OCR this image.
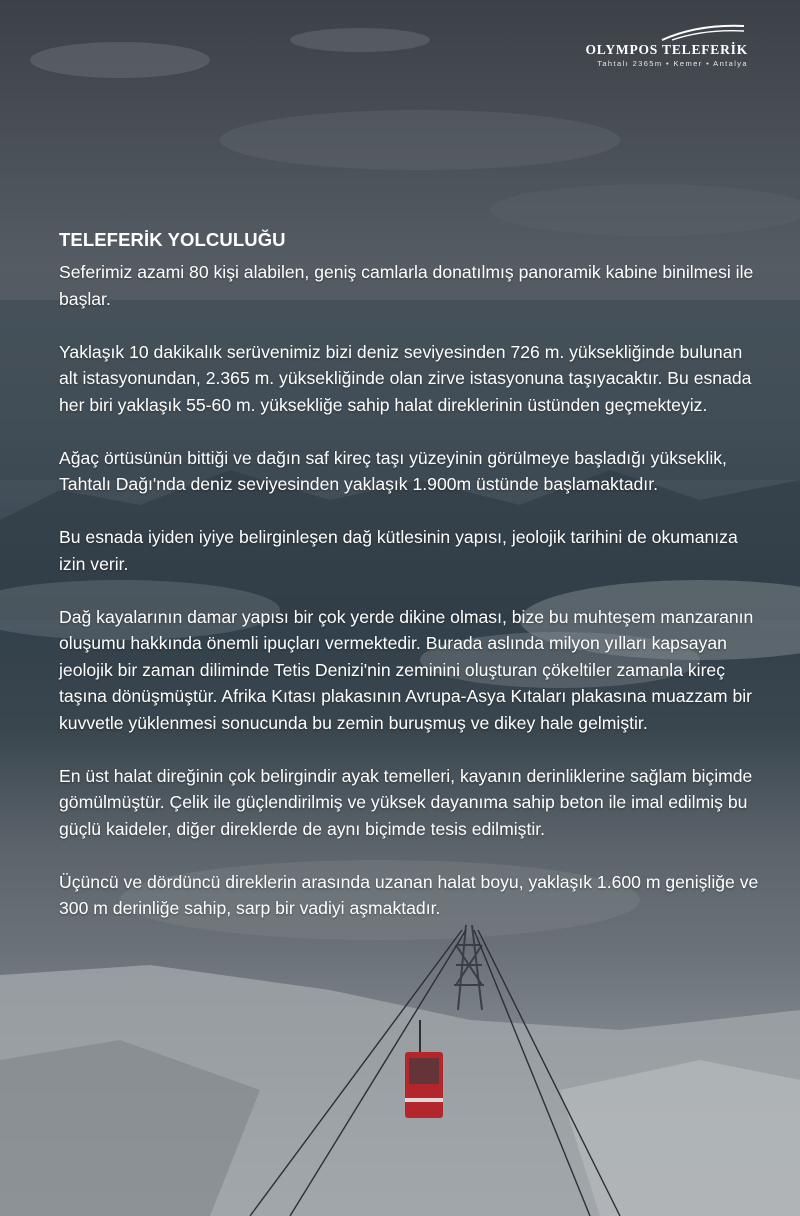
OLYMPOS TELEFERİK
Tahtalı 2365m • Kemer • Antalya
TELEFERİK YOLCULUĞU

Seferimiz azami 80 kişi alabilen, geniş camlarla donatılmış panoramik kabine binilmesi ile başlar.

Yaklaşık 10 dakikalık serüvenimiz bizi deniz seviyesinden 726 m. yüksekliğinde bulunan alt istasyonundan, 2.365 m. yüksekliğinde olan zirve istasyonuna taşıyacaktır. Bu esnada her biri yaklaşık 55-60 m. yüksekliğe sahip halat direklerinin üstünden geçmekteyiz.

Ağaç örtüsünün bittiği ve dağın saf kireç taşı yüzeyinin görülmeye başladığı yükseklik, Tahtalı Dağı'nda deniz seviyesinden yaklaşık 1.900m üstünde başlamaktadır.

Bu esnada iyiden iyiye belirginleşen dağ kütlesinin yapısı, jeolojik tarihini de okumanıza izin verir.

Dağ kayalarının damar yapısı bir çok yerde dikine olması, bize bu muhteşem manzaranın oluşumu hakkında önemli ipuçları vermektedir. Burada aslında milyon yılları kapsayan jeolojik bir zaman diliminde Tetis Denizi'nin zeminini oluşturan çökeltiler zamanla kireç taşına dönüşmüştür. Afrika Kıtası plakasının Avrupa-Asya Kıtaları plakasına muazzam bir kuvvetle yüklenmesi sonucunda bu zemin buruşmuş ve dikey hale gelmiştir.

En üst halat direğinin çok belirgindir ayak temelleri, kayanın derinliklerine sağlam biçimde gömülmüştür. Çelik ile güçlendirilmiş ve yüksek dayanıma sahip beton ile imal edilmiş bu güçlü kaideler, diğer direklerde de aynı biçimde tesis edilmiştir.

Üçüncü ve dördüncü direklerin arasında uzanan halat boyu, yaklaşık 1.600 m genişliğe ve 300 m derinliğe sahip, sarp bir vadiyi aşmaktadır.
